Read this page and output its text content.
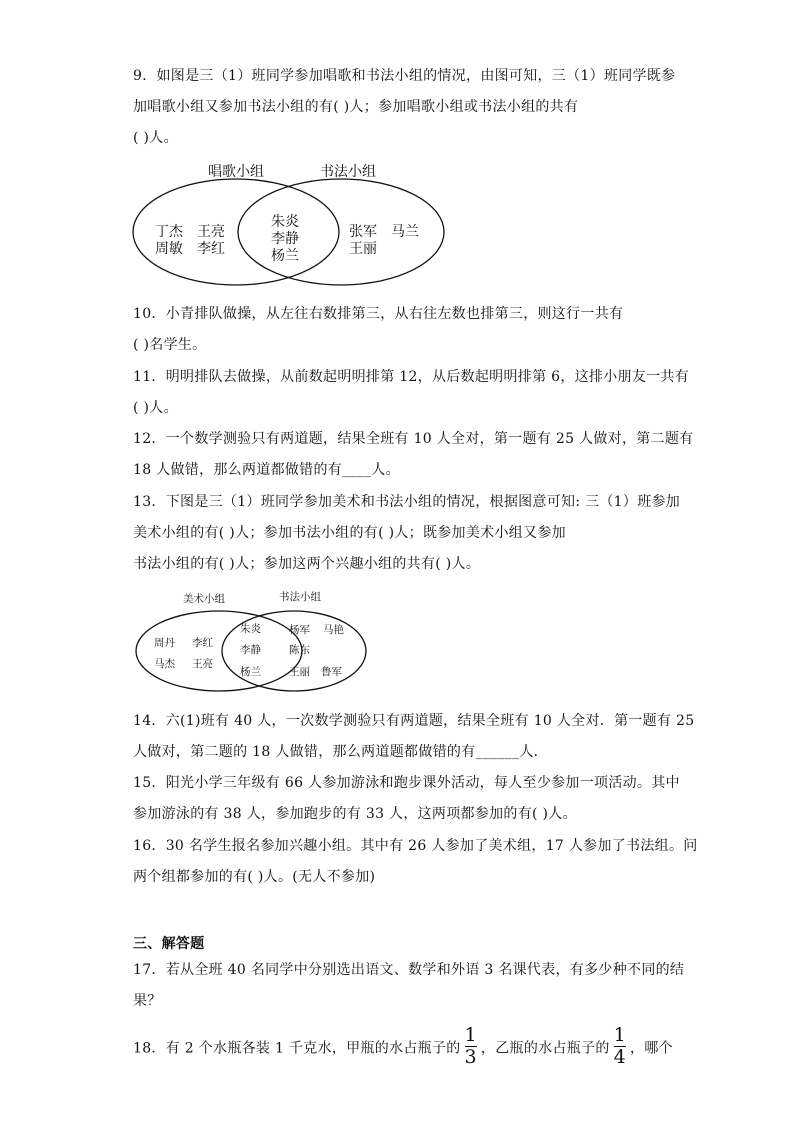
9．如图是三（1）班同学参加唱歌和书法小组的情况，由图可知，三（1）班同学既参
加唱歌小组又参加书法小组的有( )人；参加唱歌小组或书法小组的共有
( )人。
唱歌小组	书法小组
丁杰 王亮
周敏 李红
朱炎
李静
杨兰
张军 马兰
王丽
10．小青排队做操，从左往右数排第三，从右往左数也排第三，则这行一共有
( )名学生。
11．明明排队去做操，从前数起明明排第 12，从后数起明明排第 6，这排小朋友一共有
( )人。
12．一个数学测验只有两道题，结果全班有 10 人全对，第一题有 25 人做对，第二题有
18 人做错，那么两道都做错的有____人。
13．下图是三（1）班同学参加美术和书法小组的情况，根据图意可知: 三（1）班参加
美术小组的有( )人；参加书法小组的有( )人；既参加美术小组又参加
书法小组的有( )人；参加这两个兴趣小组的共有( )人。
美术小组	书法小组
周丹 李红
马杰 王亮
朱炎
李静
杨兰
杨军 马艳
陈东
王丽 鲁军
14．六(1)班有 40 人，一次数学测验只有两道题，结果全班有 10 人全对．第一题有 25
人做对，第二题的 18 人做错，那么两道题都做错的有______人．
15．阳光小学三年级有 66 人参加游泳和跑步课外活动，每人至少参加一项活动。其中
参加游泳的有 38 人，参加跑步的有 33 人，这两项都参加的有( )人。
16．30 名学生报名参加兴趣小组。其中有 26 人参加了美术组，17 人参加了书法组。问
两个组都参加的有( )人。(无人不参加)
三、解答题
17．若从全班 40 名同学中分别选出语文、数学和外语 3 名课代表，有多少种不同的结
果？
18．有 2 个水瓶各装 1 千克水，甲瓶的水占瓶子的 $\frac{1}{3}$ ，乙瓶的水占瓶子的 $\frac{1}{4}$ ，哪个
